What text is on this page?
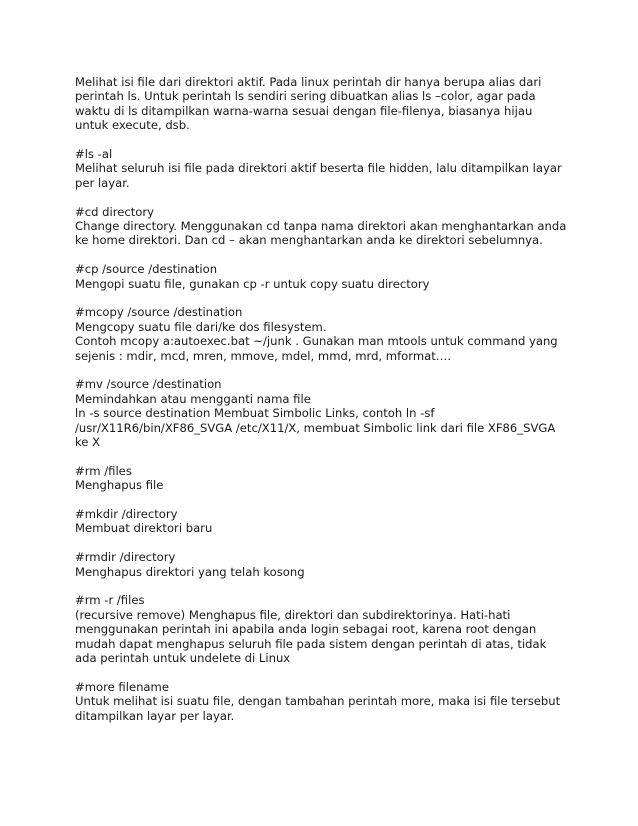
Melihat isi file dari direktori aktif. Pada linux perintah dir hanya berupa alias dari
perintah ls. Untuk perintah ls sendiri sering dibuatkan alias ls –color, agar pada
waktu di ls ditampilkan warna-warna sesuai dengan file-filenya, biasanya hijau
untuk execute, dsb.
#ls -al
Melihat seluruh isi file pada direktori aktif beserta file hidden, lalu ditampilkan layar
per layar.
#cd directory
Change directory. Menggunakan cd tanpa nama direktori akan menghantarkan anda
ke home direktori. Dan cd – akan menghantarkan anda ke direktori sebelumnya.
#cp /source /destination
Mengopi suatu file, gunakan cp -r untuk copy suatu directory
#mcopy /source /destination
Mengcopy suatu file dari/ke dos filesystem.
Contoh mcopy a:autoexec.bat ~/junk . Gunakan man mtools untuk command yang
sejenis : mdir, mcd, mren, mmove, mdel, mmd, mrd, mformat….
#mv /source /destination
Memindahkan atau mengganti nama file
ln -s source destination Membuat Simbolic Links, contoh ln -sf
/usr/X11R6/bin/XF86_SVGA /etc/X11/X, membuat Simbolic link dari file XF86_SVGA
ke X
#rm /files
Menghapus file
#mkdir /directory
Membuat direktori baru
#rmdir /directory
Menghapus direktori yang telah kosong
#rm -r /files
(recursive remove) Menghapus file, direktori dan subdirektorinya. Hati-hati
menggunakan perintah ini apabila anda login sebagai root, karena root dengan
mudah dapat menghapus seluruh file pada sistem dengan perintah di atas, tidak
ada perintah untuk undelete di Linux
#more filename
Untuk melihat isi suatu file, dengan tambahan perintah more, maka isi file tersebut
ditampilkan layar per layar.
